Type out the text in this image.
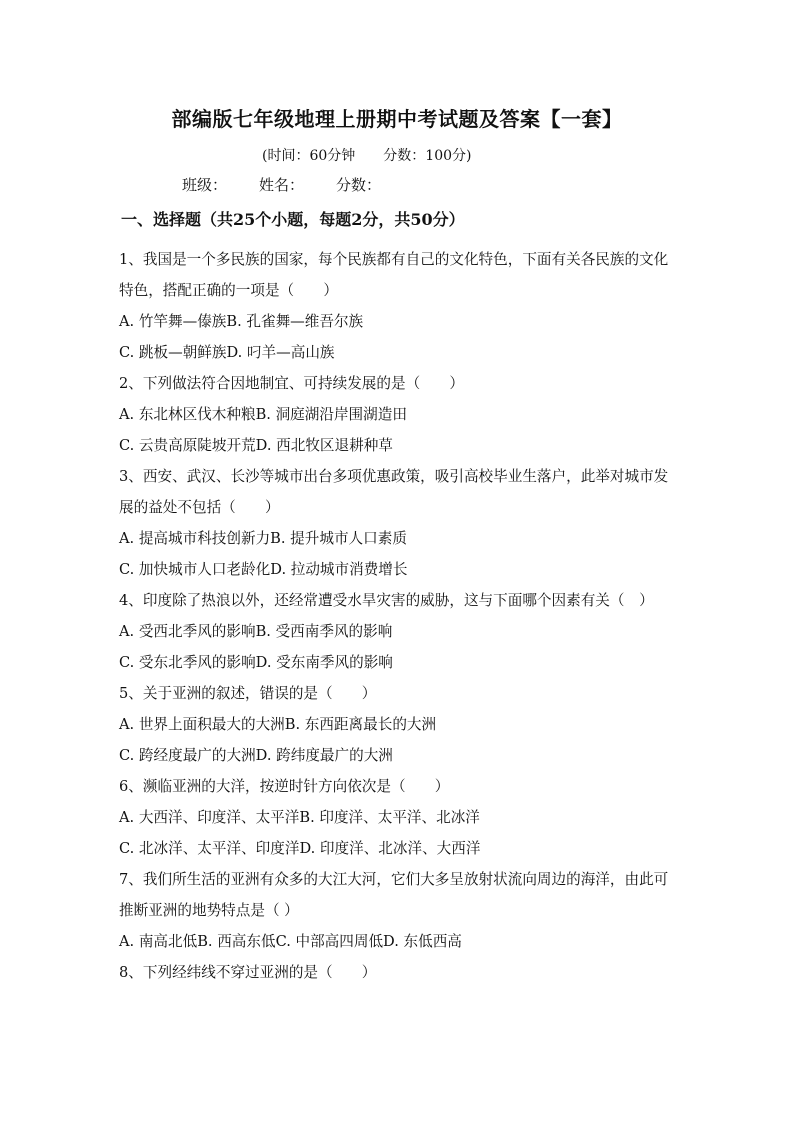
部编版七年级地理上册期中考试题及答案【一套】
(时间：60分钟 分数：100分)
班级： 姓名： 分数：
一、选择题（共25个小题，每题2分，共50分）
1、我国是一个多民族的国家，每个民族都有自己的文化特色，下面有关各民族的文化特色，搭配正确的一项是（　　）
A. 竹竿舞—傣族B. 孔雀舞—维吾尔族
C. 跳板—朝鲜族D. 叼羊—高山族
2、下列做法符合因地制宜、可持续发展的是（　　）
A. 东北林区伐木种粮B. 洞庭湖沿岸围湖造田
C. 云贵高原陡坡开荒D. 西北牧区退耕种草
3、西安、武汉、长沙等城市出台多项优惠政策，吸引高校毕业生落户，此举对城市发展的益处不包括（　　）
A. 提高城市科技创新力B. 提升城市人口素质
C. 加快城市人口老龄化D. 拉动城市消费增长
4、印度除了热浪以外，还经常遭受水旱灾害的威胁，这与下面哪个因素有关（　）
A. 受西北季风的影响B. 受西南季风的影响
C. 受东北季风的影响D. 受东南季风的影响
5、关于亚洲的叙述，错误的是（　　）
A. 世界上面积最大的大洲B. 东西距离最长的大洲
C. 跨经度最广的大洲D. 跨纬度最广的大洲
6、濒临亚洲的大洋，按逆时针方向依次是（　　）
A. 大西洋、印度洋、太平洋B. 印度洋、太平洋、北冰洋
C. 北冰洋、太平洋、印度洋D. 印度洋、北冰洋、大西洋
7、我们所生活的亚洲有众多的大江大河，它们大多呈放射状流向周边的海洋，由此可推断亚洲的地势特点是（ ）
A. 南高北低B. 西高东低C. 中部高四周低D. 东低西高
8、下列经纬线不穿过亚洲的是（　　）
